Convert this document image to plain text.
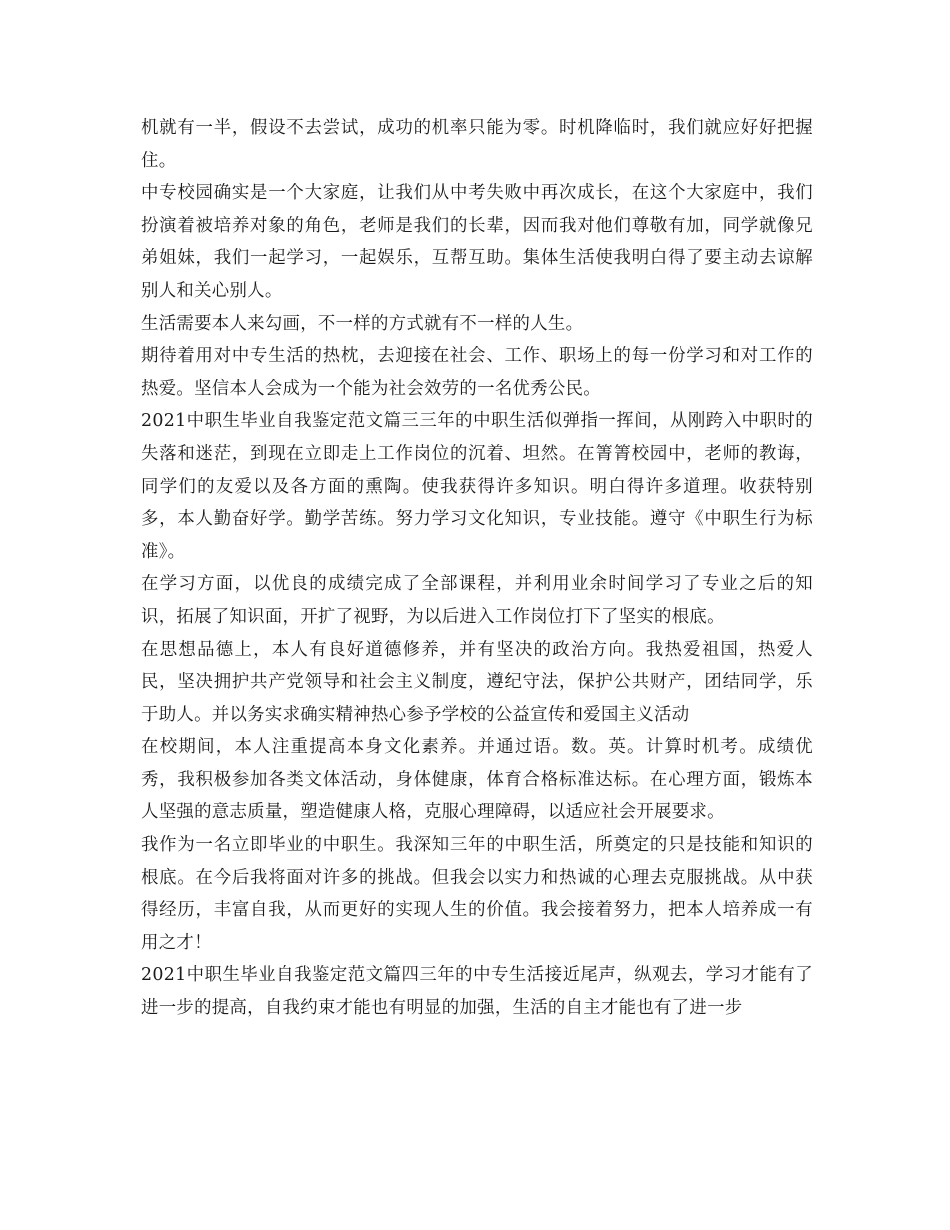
机就有一半，假设不去尝试，成功的机率只能为零。时机降临时，我们就应好好把握住。

中专校园确实是一个大家庭，让我们从中考失败中再次成长，在这个大家庭中，我们扮演着被培养对象的角色，老师是我们的长辈，因而我对他们尊敬有加，同学就像兄弟姐妹，我们一起学习，一起娱乐，互帮互助。集体生活使我明白得了要主动去谅解别人和关心别人。

生活需要本人来勾画，不一样的方式就有不一样的人生。

期待着用对中专生活的热枕，去迎接在社会、工作、职场上的每一份学习和对工作的热爱。坚信本人会成为一个能为社会效劳的一名优秀公民。

2021中职生毕业自我鉴定范文篇三三年的中职生活似弹指一挥间，从刚跨入中职时的失落和迷茫，到现在立即走上工作岗位的沉着、坦然。在箐箐校园中，老师的教诲，同学们的友爱以及各方面的熏陶。使我获得许多知识。明白得许多道理。收获特别多，本人勤奋好学。勤学苦练。努力学习文化知识，专业技能。遵守《中职生行为标准》。

在学习方面，以优良的成绩完成了全部课程，并利用业余时间学习了专业之后的知识，拓展了知识面，开扩了视野，为以后进入工作岗位打下了坚实的根底。

在思想品德上，本人有良好道德修养，并有坚决的政治方向。我热爱祖国，热爱人民，坚决拥护共产党领导和社会主义制度，遵纪守法，保护公共财产，团结同学，乐于助人。并以务实求确实精神热心参予学校的公益宣传和爱国主义活动

在校期间，本人注重提高本身文化素养。并通过语。数。英。计算时机考。成绩优秀，我积极参加各类文体活动，身体健康，体育合格标准达标。在心理方面，锻炼本人坚强的意志质量，塑造健康人格，克服心理障碍，以适应社会开展要求。

我作为一名立即毕业的中职生。我深知三年的中职生活，所奠定的只是技能和知识的根底。在今后我将面对许多的挑战。但我会以实力和热诚的心理去克服挑战。从中获得经历，丰富自我，从而更好的实现人生的价值。我会接着努力，把本人培养成一有用之才！

2021中职生毕业自我鉴定范文篇四三年的中专生活接近尾声，纵观去，学习才能有了进一步的提高，自我约束才能也有明显的加强，生活的自主才能也有了进一步
